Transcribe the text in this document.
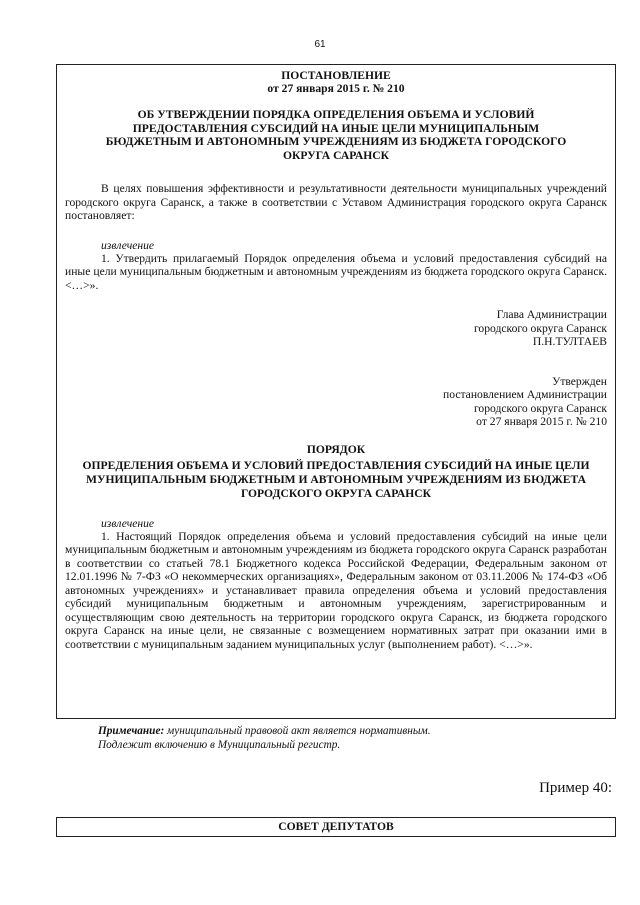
61
ПОСТАНОВЛЕНИЕ
от 27 января 2015 г. № 210
ОБ УТВЕРЖДЕНИИ ПОРЯДКА ОПРЕДЕЛЕНИЯ ОБЪЕМА И УСЛОВИЙ ПРЕДОСТАВЛЕНИЯ СУБСИДИЙ НА ИНЫЕ ЦЕЛИ МУНИЦИПАЛЬНЫМ БЮДЖЕТНЫМ И АВТОНОМНЫМ УЧРЕЖДЕНИЯМ ИЗ БЮДЖЕТА ГОРОДСКОГО ОКРУГА САРАНСК

В целях повышения эффективности и результативности деятельности муниципальных учреждений городского округа Саранск, а также в соответствии с Уставом Администрация городского округа Саранск постановляет:

извлечение

1. Утвердить прилагаемый Порядок определения объема и условий предоставления субсидий на иные цели муниципальным бюджетным и автономным учреждениям из бюджета городского округа Саранск. <…>».

Глава Администрации
городского округа Саранск
П.Н.ТУЛТАЕВ
Утвержден
постановлением Администрации
городского округа Саранск
от 27 января 2015 г. № 210
ПОРЯДОК
ОПРЕДЕЛЕНИЯ ОБЪЕМА И УСЛОВИЙ ПРЕДОСТАВЛЕНИЯ СУБСИДИЙ НА ИНЫЕ ЦЕЛИ МУНИЦИПАЛЬНЫМ БЮДЖЕТНЫМ И АВТОНОМНЫМ УЧРЕЖДЕНИЯМ ИЗ БЮДЖЕТА ГОРОДСКОГО ОКРУГА САРАНСК
извлечение

1. Настоящий Порядок определения объема и условий предоставления субсидий на иные цели муниципальным бюджетным и автономным учреждениям из бюджета городского округа Саранск разработан в соответствии со статьей 78.1 Бюджетного кодекса Российской Федерации, Федеральным законом от 12.01.1996 № 7-ФЗ «О некоммерческих организациях», Федеральным законом от 03.11.2006 № 174-ФЗ «Об автономных учреждениях» и устанавливает правила определения объема и условий предоставления субсидий муниципальным бюджетным и автономным учреждениям, зарегистрированным и осуществляющим свою деятельность на территории городского округа Саранск, из бюджета городского округа Саранск на иные цели, не связанные с возмещением нормативных затрат при оказании ими в соответствии с муниципальным заданием муниципальных услуг (выполнением работ). <…>».

Примечание: муниципальный правовой акт является нормативным.
Подлежит включению в Муниципальный регистр.
Пример 40:
СОВЕТ ДЕПУТАТОВ
